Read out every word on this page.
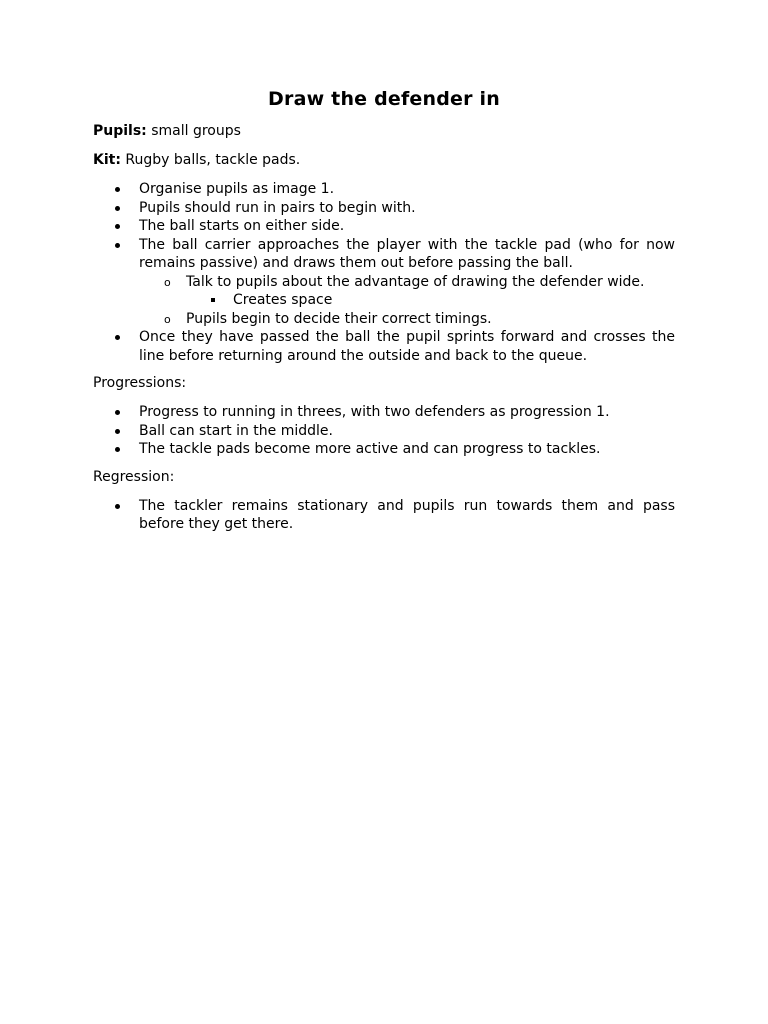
Draw the defender in

Pupils: small groups

Kit: Rugby balls, tackle pads.

Organise pupils as image 1.
Pupils should run in pairs to begin with.
The ball starts on either side.
The ball carrier approaches the player with the tackle pad (who for now remains passive) and draws them out before passing the ball.
o Talk to pupils about the advantage of drawing the defender wide.
Creates space
o Pupils begin to decide their correct timings.
Once they have passed the ball the pupil sprints forward and crosses the line before returning around the outside and back to the queue.

Progressions:

Progress to running in threes, with two defenders as progression 1.
Ball can start in the middle.
The tackle pads become more active and can progress to tackles.

Regression:

The tackler remains stationary and pupils run towards them and pass before they get there.
